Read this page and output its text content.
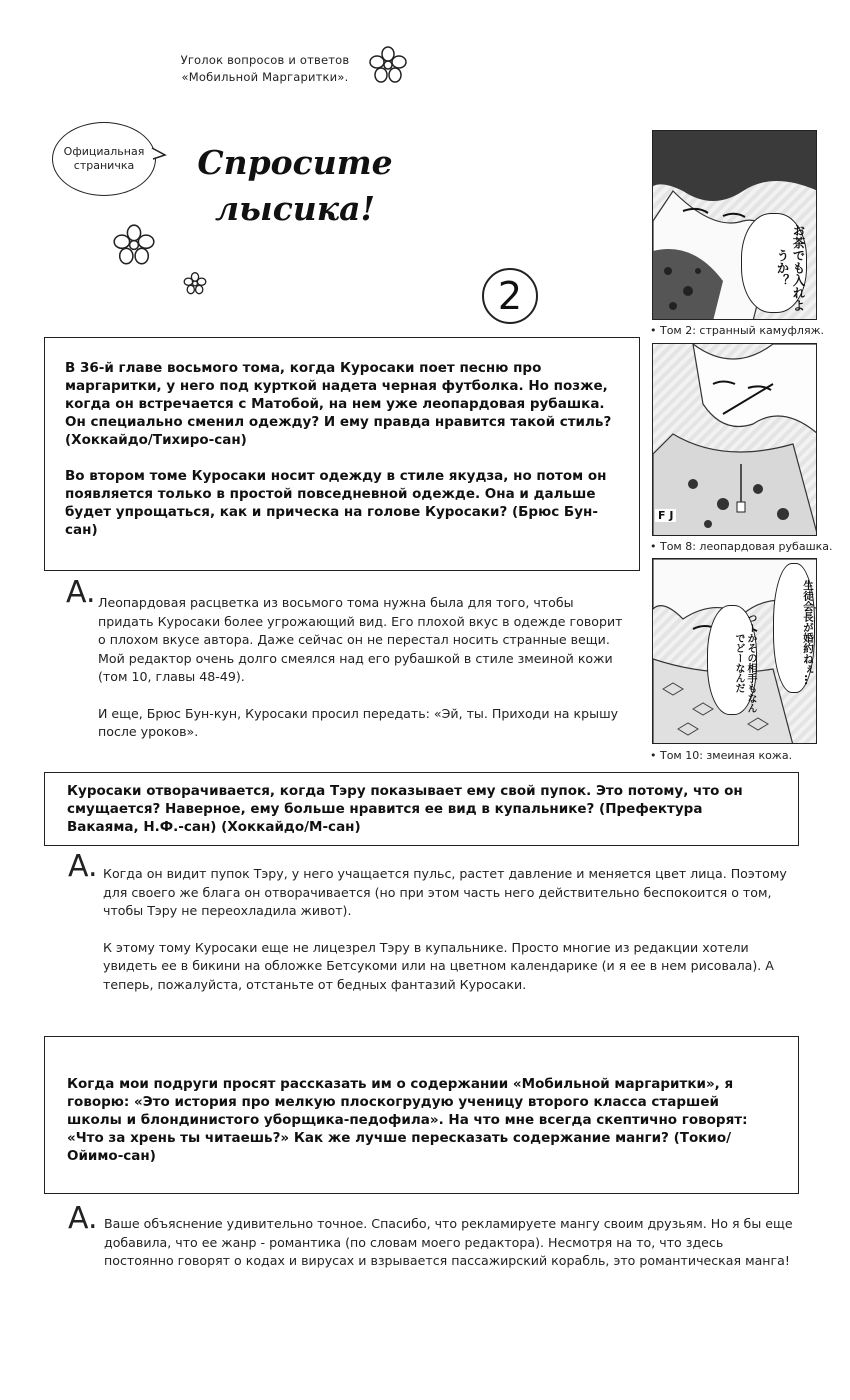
Уголок вопросов и ответов
«Мобильной Маргаритки».
Официальная
страничка	Спросите
лысика!
2

В 36-й главе восьмого тома, когда Куросаки поет песню про маргаритки, у него под курткой надета черная футболка. Но позже, когда он встречается с Матобой, на нем уже леопардовая рубашка. Он специально сменил одежду? И ему правда нравится такой стиль? (Хоккайдо/Тихиро-сан)

Во втором томе Куросаки носит одежду в стиле якудза, но потом он появляется только в простой повседневной одежде. Она и дальше будет упрощаться, как и прическа на голове Куросаки? (Брюс Бун-сан)

A. Леопардовая расцветка из восьмого тома нужна была для того, чтобы придать Куросаки более угрожающий вид. Его плохой вкус в одежде говорит о плохом вкусе автора. Даже сейчас он не перестал носить странные вещи. Мой редактор очень долго смеялся над его рубашкой в стиле змеиной кожи (том 10, главы 48-49).

И еще, Брюс Бун-кун, Куросаки просил передать: «Эй, ты. Приходи на крышу после уроков».

Куросаки отворачивается, когда Тэру показывает ему свой пупок. Это потому, что он смущается? Наверное, ему больше нравится ее вид в купальнике? (Префектура Вакаяма, Н.Ф.-сан) (Хоккайдо/М-сан)

A. Когда он видит пупок Тэру, у него учащается пульс, растет давление и меняется цвет лица. Поэтому для своего же блага он отворачивается (но при этом часть него действительно беспокоится о том, чтобы Тэру не переохладила живот).

К этому тому Куросаки еще не лицезрел Тэру в купальнике. Просто многие из редакции хотели увидеть ее в бикини на обложке Бетсукоми или на цветном календарике (и я ее в нем рисовала). А теперь, пожалуйста, отстаньте от бедных фантазий Куросаки.

Когда мои подруги просят рассказать им о содержании «Мобильной маргаритки», я говорю: «Это история про мелкую плоскогрудую ученицу второго класса старшей школы и блондинистого уборщика-педофила». На что мне всегда скептично говорят: «Что за хрень ты читаешь?» Как же лучше пересказать содержание манги? (Токио/Ойимо-сан)

A. Ваше объяснение удивительно точное. Спасибо, что рекламируете мангу своим друзьям. Но я бы еще добавила, что ее жанр - романтика (по словам моего редактора). Несмотря на то, что здесь постоянно говорят о кодах и вирусах и взрывается пассажирский корабль, это романтическая манга!

お茶でも入れようか？
• Том 2: странный камуфляж.
F J
• Том 8: леопардовая рубашка.
生徒会長が婚約ねぇ…
つーかその相手もなんでどーなんだ
• Том 10: змеиная кожа.
